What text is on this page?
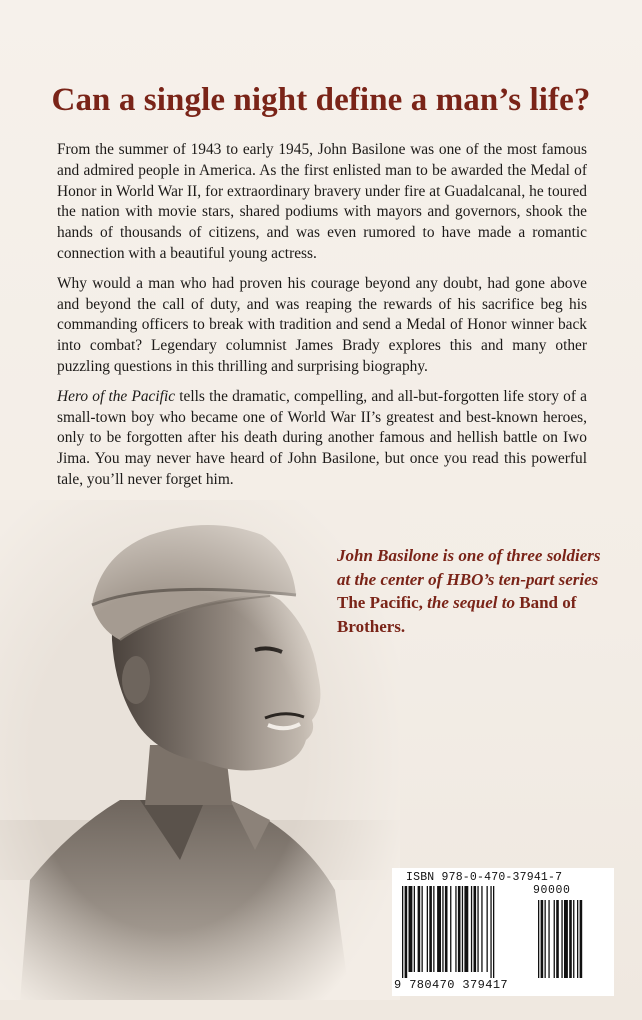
Can a single night define a man’s life?

From the summer of 1943 to early 1945, John Basilone was one of the most famous and admired people in America. As the first enlisted man to be awarded the Medal of Honor in World War II, for extraordinary bravery under fire at Guadalcanal, he toured the nation with movie stars, shared podiums with mayors and governors, shook the hands of thousands of citizens, and was even rumored to have made a romantic connection with a beautiful young actress.

Why would a man who had proven his courage beyond any doubt, had gone above and beyond the call of duty, and was reaping the rewards of his sacrifice beg his commanding officers to break with tradition and send a Medal of Honor winner back into combat? Legendary columnist James Brady explores this and many other puzzling questions in this thrilling and surprising biography.

Hero of the Pacific tells the dramatic, compelling, and all-but-forgotten life story of a small-town boy who became one of World War II’s greatest and best-known heroes, only to be forgotten after his death during another famous and hellish battle on Iwo Jima. You may never have heard of John Basilone, but once you read this powerful tale, you’ll never forget him.

John Basilone is one of three soldiers at the center of HBO’s ten-part series The Pacific, the sequel to Band of Brothers.

ISBN 978-0-470-37941-7

90000

9 780470 379417
